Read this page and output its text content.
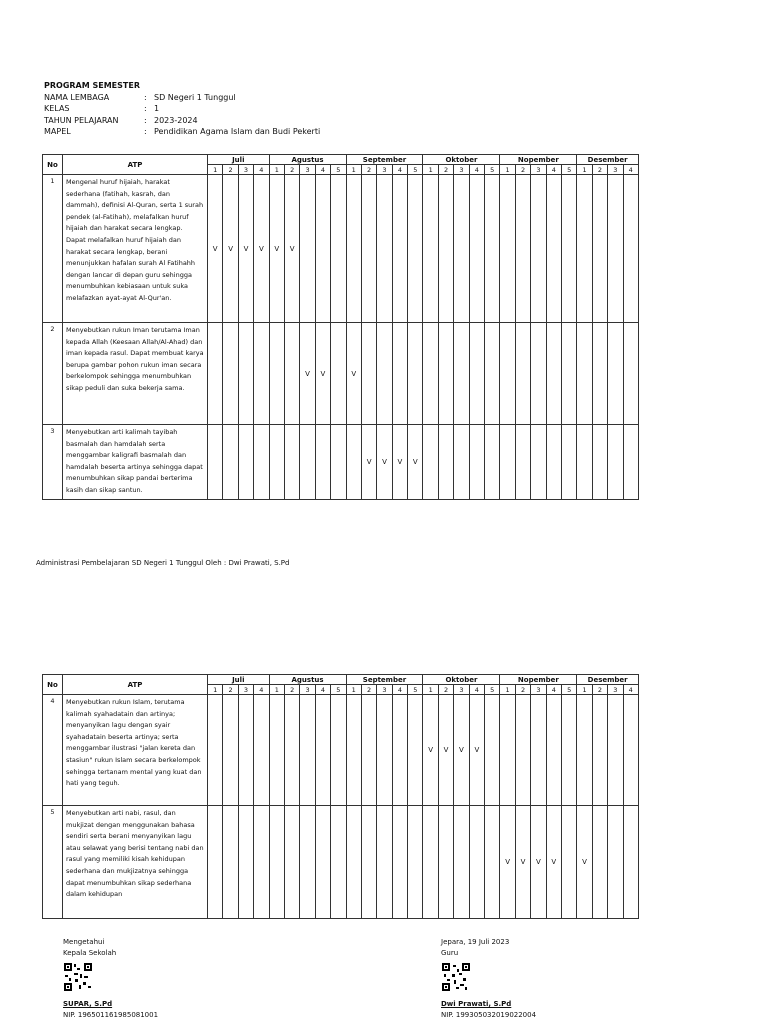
PROGRAM SEMESTER
NAMA LEMBAGA	: SD Negeri 1 Tunggul
KELAS	: 1
TAHUN PELAJARAN	: 2023-2024
MAPEL	: Pendidikan Agama Islam dan Budi Pekerti
No	ATP	Juli				Agustus					September					Oktober					Nopember					Desember			
		1	2	3	4	1	2	3	4	5	1	2	3	4	5	1	2	3	4	5	1	2	3	4	5	1	2	3	4
1	Mengenal huruf hijaiah, harakat sederhana (fatihah, kasrah, dan dammah), definisi Al-Quran, serta 1 surah pendek (al-Fatihah), melafalkan huruf hijaiah dan harakat secara lengkap. Dapat melafalkan huruf hijaiah dan harakat secara lengkap, berani menunjukkan hafalan surah Al Fatihahh dengan lancar di depan guru sehingga menumbuhkan kebiasaan untuk suka melafazkan ayat-ayat Al-Qur'an.	V	V	V	V	V	V																						
2	Menyebutkan rukun Iman terutama Iman kepada Allah (Keesaan Allah/Al-Ahad) dan iman kepada rasul. Dapat membuat karya berupa gambar pohon rukun iman secara berkelompok sehingga menumbuhkan sikap peduli dan suka bekerja sama.							V	V		V																		
3	Menyebutkan arti kalimah tayibah basmalah dan hamdalah serta menggambar kaligrafi basmalah dan hamdalah beserta artinya sehingga dapat menumbuhkan sikap pandai berterima kasih dan sikap santun.											V	V	V	V														
Administrasi Pembelajaran SD Negeri 1 Tunggul Oleh : Dwi Prawati, S.Pd
No	ATP	Juli				Agustus					September					Oktober					Nopember					Desember			
		1	2	3	4	1	2	3	4	5	1	2	3	4	5	1	2	3	4	5	1	2	3	4	5	1	2	3	4
4	Menyebutkan rukun Islam, terutama kalimah syahadatain dan artinya; menyanyikan lagu dengan syair syahadatain beserta artinya; serta menggambar ilustrasi "jalan kereta dan stasiun" rukun Islam secara berkelompok sehingga tertanam mental yang kuat dan hati yang teguh.															V	V	V	V										
5	Menyebutkan arti nabi, rasul, dan mukjizat dengan menggunakan bahasa sendiri serta berani menyanyikan lagu atau selawat yang berisi tentang nabi dan rasul yang memiliki kisah kehidupan sederhana dan mukjizatnya sehingga dapat menumbuhkan sikap sederhana dalam kehidupan																				V	V	V	V		V			
Mengetahui
Kepala Sekolah
SUPAR, S.Pd
NIP. 196501161985081001
Jepara, 19 Juli 2023
Guru
Dwi Prawati, S.Pd
NIP. 199305032019022004
